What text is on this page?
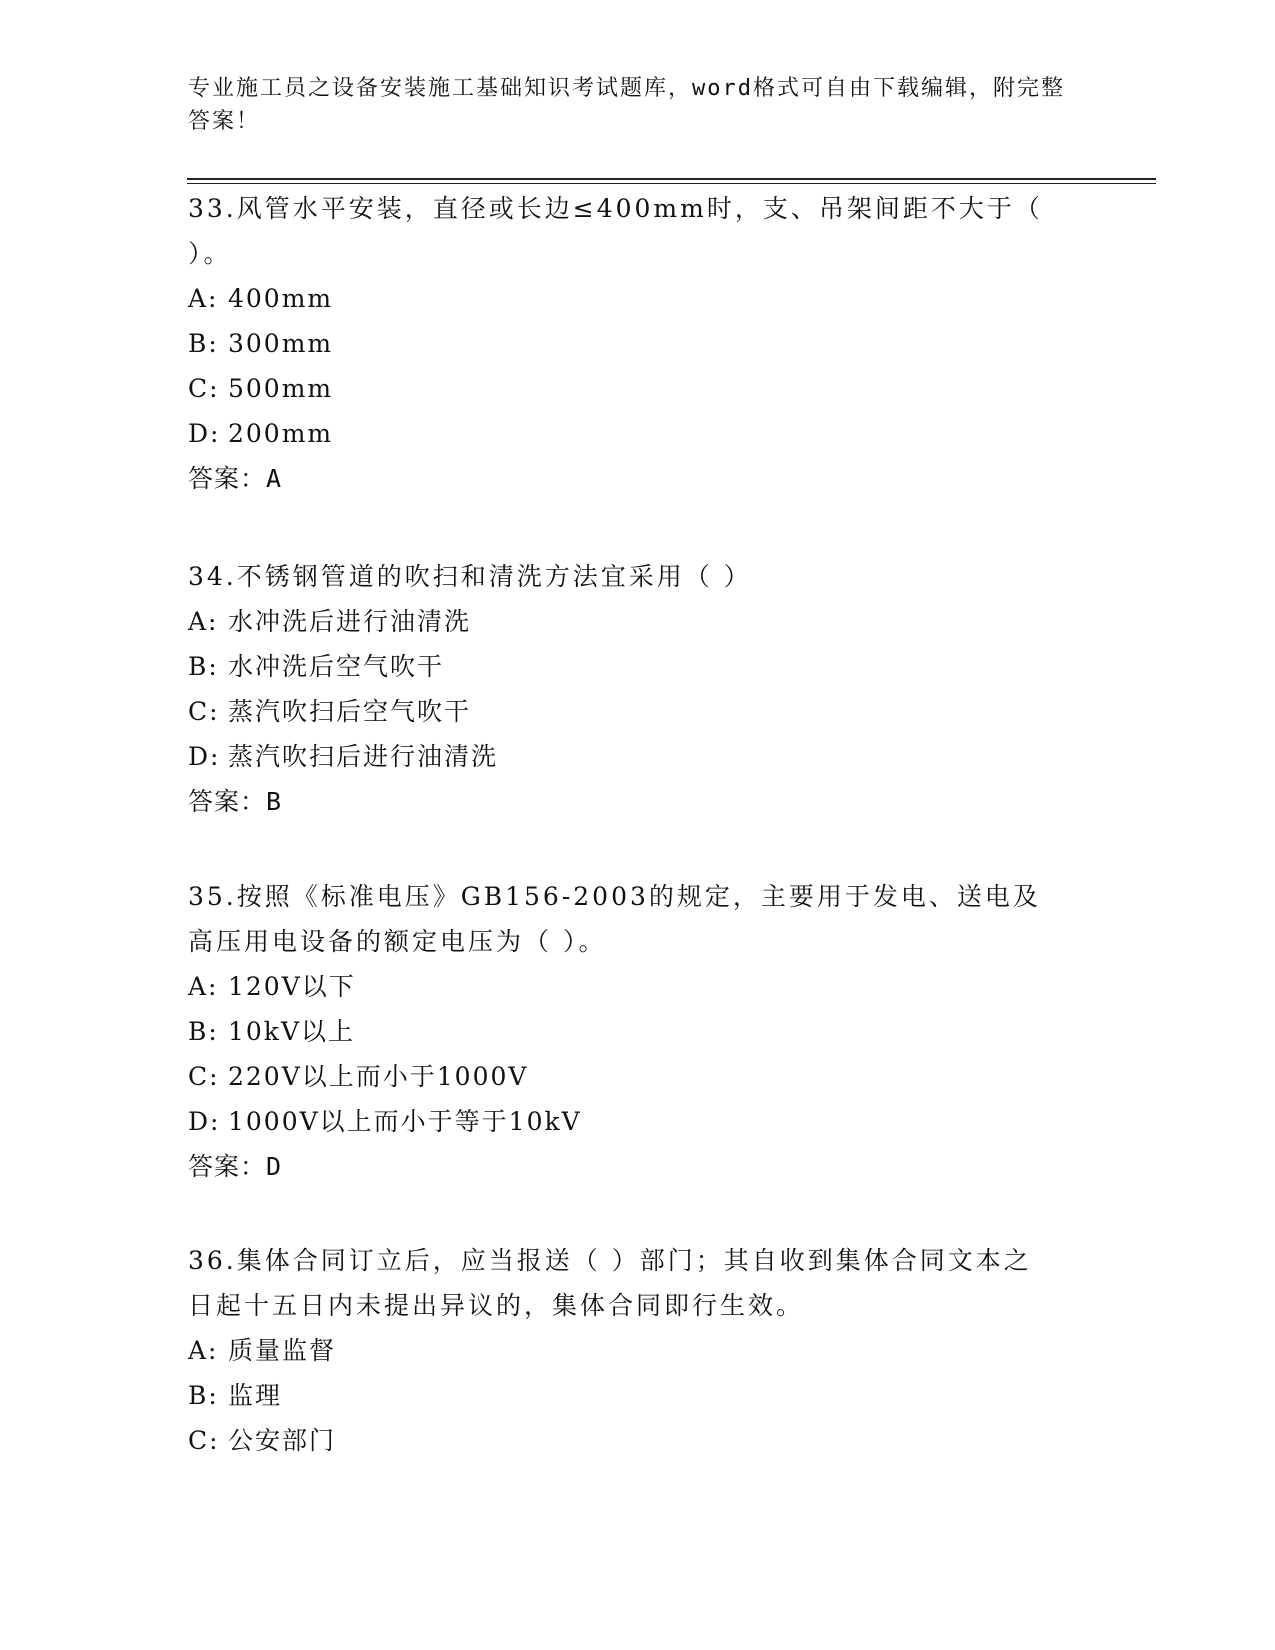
专业施工员之设备安装施工基础知识考试题库，word格式可自由下载编辑，附完整答案！
33.风管水平安装，直径或长边≤400mm时，支、吊架间距不大于（ ）。
A: 400mm
B: 300mm
C: 500mm
D: 200mm
答案：A
34.不锈钢管道的吹扫和清洗方法宜采用（ ）
A: 水冲洗后进行油清洗
B: 水冲洗后空气吹干
C: 蒸汽吹扫后空气吹干
D: 蒸汽吹扫后进行油清洗
答案：B
35.按照《标准电压》GB156-2003的规定，主要用于发电、送电及高压用电设备的额定电压为（ ）。
A: 120V以下
B: 10kV以上
C: 220V以上而小于1000V
D: 1000V以上而小于等于10kV
答案：D
36.集体合同订立后，应当报送（ ）部门；其自收到集体合同文本之日起十五日内未提出异议的，集体合同即行生效。
A: 质量监督
B: 监理
C: 公安部门
